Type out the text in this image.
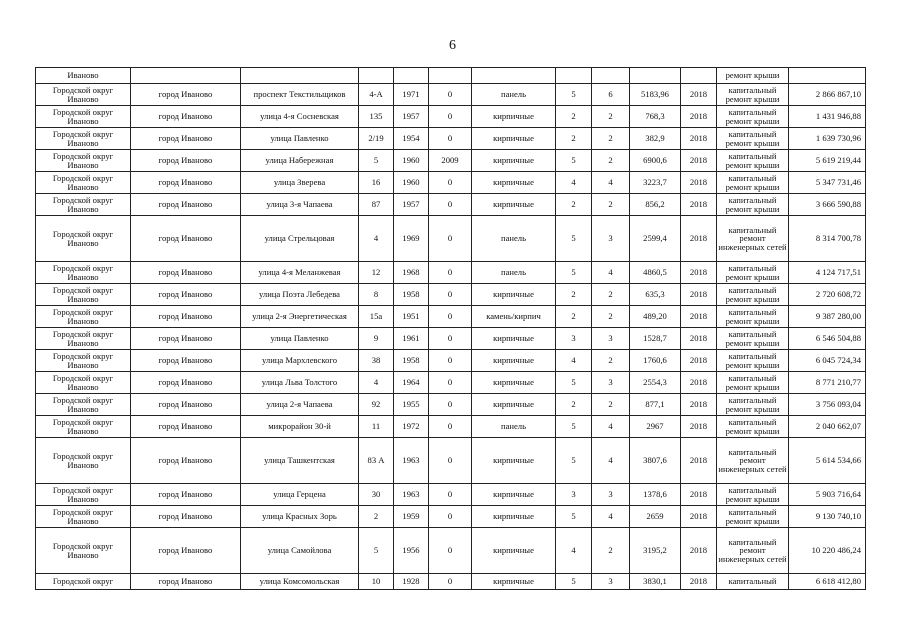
6
Иваново											ремонт крыши	
Городской округ Иваново	город Иваново	проспект Текстильщиков	4-А	1971	0	панель	5	6	5183,96	2018	капитальный ремонт крыши	2 866 867,10
Городской округ Иваново	город Иваново	улица 4-я Сосневская	135	1957	0	кирпичные	2	2	768,3	2018	капитальный ремонт крыши	1 431 946,88
Городской округ Иваново	город Иваново	улица Павленко	2/19	1954	0	кирпичные	2	2	382,9	2018	капитальный ремонт крыши	1 639 730,96
Городской округ Иваново	город Иваново	улица Набережная	5	1960	2009	кирпичные	5	2	6900,6	2018	капитальный ремонт крыши	5 619 219,44
Городской округ Иваново	город Иваново	улица Зверева	16	1960	0	кирпичные	4	4	3223,7	2018	капитальный ремонт крыши	5 347 731,46
Городской округ Иваново	город Иваново	улица 3-я Чапаева	87	1957	0	кирпичные	2	2	856,2	2018	капитальный ремонт крыши	3 666 590,88
Городской округ Иваново	город Иваново	улица Стрельцовая	4	1969	0	панель	5	3	2599,4	2018	капитальный ремонт инженерных сетей	8 314 700,78
Городской округ Иваново	город Иваново	улица 4-я Меланжевая	12	1968	0	панель	5	4	4860,5	2018	капитальный ремонт крыши	4 124 717,51
Городской округ Иваново	город Иваново	улица Поэта Лебедева	8	1958	0	кирпичные	2	2	635,3	2018	капитальный ремонт крыши	2 720 608,72
Городской округ Иваново	город Иваново	улица 2-я Энергетическая	15а	1951	0	камень/кирпич	2	2	489,20	2018	капитальный ремонт крыши	9 387 280,00
Городской округ Иваново	город Иваново	улица Павленко	9	1961	0	кирпичные	3	3	1528,7	2018	капитальный ремонт крыши	6 546 504,88
Городской округ Иваново	город Иваново	улица Мархлевского	38	1958	0	кирпичные	4	2	1760,6	2018	капитальный ремонт крыши	6 045 724,34
Городской округ Иваново	город Иваново	улица Льва Толстого	4	1964	0	кирпичные	5	3	2554,3	2018	капитальный ремонт крыши	8 771 210,77
Городской округ Иваново	город Иваново	улица 2-я Чапаева	92	1955	0	кирпичные	2	2	877,1	2018	капитальный ремонт крыши	3 756 093,04
Городской округ Иваново	город Иваново	микрорайон 30-й	11	1972	0	панель	5	4	2967	2018	капитальный ремонт крыши	2 040 662,07
Городской округ Иваново	город Иваново	улица Ташкентская	83 А	1963	0	кирпичные	5	4	3807,6	2018	капитальный ремонт инженерных сетей	5 614 534,66
Городской округ Иваново	город Иваново	улица Герцена	30	1963	0	кирпичные	3	3	1378,6	2018	капитальный ремонт крыши	5 903 716,64
Городской округ Иваново	город Иваново	улица Красных Зорь	2	1959	0	кирпичные	5	4	2659	2018	капитальный ремонт крыши	9 130 740,10
Городской округ Иваново	город Иваново	улица Самойлова	5	1956	0	кирпичные	4	2	3195,2	2018	капитальный ремонт инженерных сетей	10 220 486,24
Городской округ	город Иваново	улица Комсомольская	10	1928	0	кирпичные	5	3	3830,1	2018	капитальный	6 618 412,80
